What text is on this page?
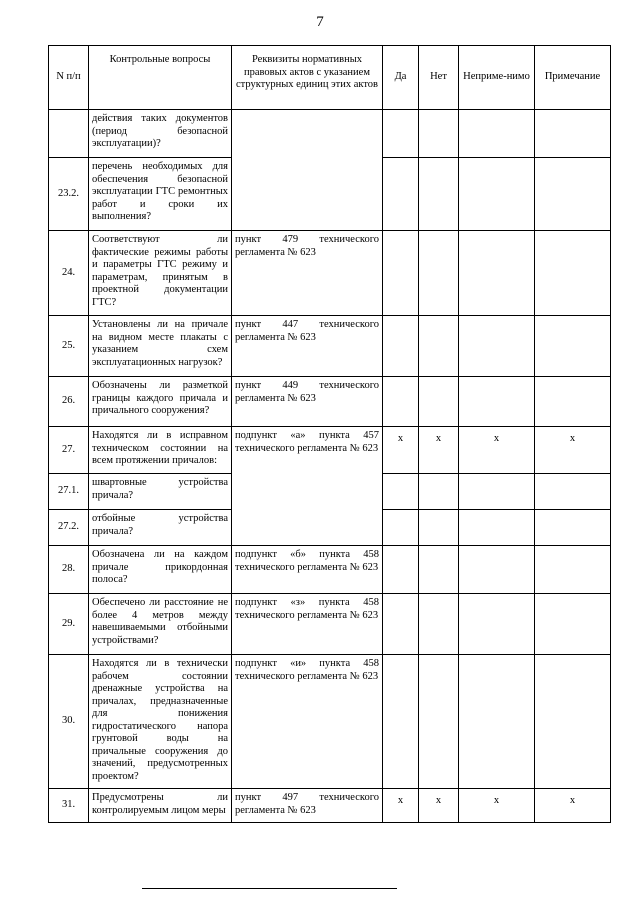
7
N п/п	Контрольные вопросы	Реквизиты нормативных правовых актов с указанием структурных единиц этих актов	Да	Нет	Неприме-нимо	Примечание
	действия таких документов (период безопасной эксплуатации)?					
23.2.	перечень необходимых для обеспечения безопасной эксплуатации ГТС ремонтных работ и сроки их выполнения?					
24.	Соответствуют ли фактические режимы работы и параметры ГТС режиму и параметрам, принятым в проектной документации ГТС?	пункт 479 технического регламента № 623				
25.	Установлены ли на причале на видном месте плакаты с указанием схем эксплуатационных нагрузок?	пункт 447 технического регламента № 623				
26.	Обозначены ли разметкой границы каждого причала и причального сооружения?	пункт 449 технического регламента № 623				
27.	Находятся ли в исправном техническом состоянии на всем протяжении причалов:	подпункт «а» пункта 457 технического регламента № 623	x	x	x	x
27.1.	швартовные устройства причала?					
27.2.	отбойные устройства причала?					
28.	Обозначена ли на каждом причале прикордонная полоса?	подпункт «б» пункта 458 технического регламента № 623				
29.	Обеспечено ли расстояние не более 4 метров между навешиваемыми отбойными устройствами?	подпункт «з» пункта 458 технического регламента № 623				
30.	Находятся ли в технически рабочем состоянии дренажные устройства на причалах, предназначенные для понижения гидростатического напора грунтовой воды на причальные сооружения до значений, предусмотренных проектом?	подпункт «и» пункта 458 технического регламента № 623				
31.	Предусмотрены ли контролируемым лицом меры	пункт 497 технического регламента № 623	x	x	x	x
